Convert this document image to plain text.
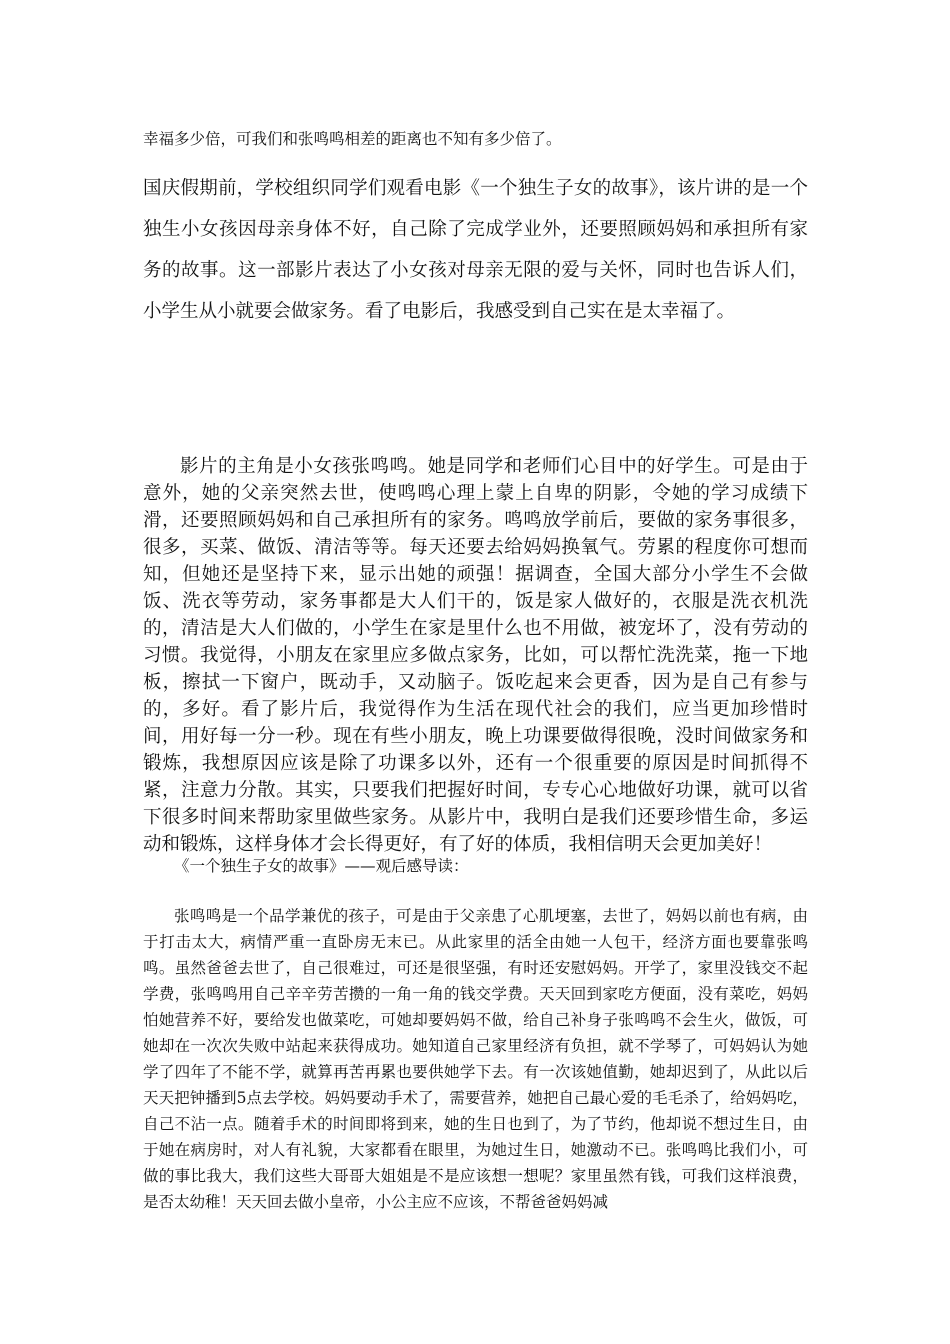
幸福多少倍，可我们和张鸣鸣相差的距离也不知有多少倍了。

国庆假期前，学校组织同学们观看电影《一个独生子女的故事》，该片讲的是一个独生小女孩因母亲身体不好，自己除了完成学业外，还要照顾妈妈和承担所有家务的故事。这一部影片表达了小女孩对母亲无限的爱与关怀，同时也告诉人们，小学生从小就要会做家务。看了电影后，我感受到自己实在是太幸福了。

影片的主角是小女孩张鸣鸣。她是同学和老师们心目中的好学生。可是由于意外，她的父亲突然去世，使鸣鸣心理上蒙上自卑的阴影，令她的学习成绩下滑，还要照顾妈妈和自己承担所有的家务。鸣鸣放学前后，要做的家务事很多，很多，买菜、做饭、清洁等等。每天还要去给妈妈换氧气。劳累的程度你可想而知，但她还是坚持下来，显示出她的顽强！据调查，全国大部分小学生不会做饭、洗衣等劳动，家务事都是大人们干的，饭是家人做好的，衣服是洗衣机洗的，清洁是大人们做的，小学生在家是里什么也不用做，被宠坏了，没有劳动的习惯。我觉得，小朋友在家里应多做点家务，比如，可以帮忙洗洗菜，拖一下地板，擦拭一下窗户，既动手，又动脑子。饭吃起来会更香，因为是自己有参与的，多好。看了影片后，我觉得作为生活在现代社会的我们，应当更加珍惜时间，用好每一分一秒。现在有些小朋友，晚上功课要做得很晚，没时间做家务和锻炼，我想原因应该是除了功课多以外，还有一个很重要的原因是时间抓得不紧，注意力分散。其实，只要我们把握好时间，专专心心地做好功课，就可以省下很多时间来帮助家里做些家务。从影片中，我明白是我们还要珍惜生命，多运动和锻炼，这样身体才会长得更好，有了好的体质，我相信明天会更加美好！

《一个独生子女的故事》——观后感导读：

张鸣鸣是一个品学兼优的孩子，可是由于父亲患了心肌埂塞，去世了，妈妈以前也有病，由于打击太大，病情严重一直卧房无末已。从此家里的活全由她一人包干，经济方面也要靠张鸣鸣。虽然爸爸去世了，自己很难过，可还是很坚强，有时还安慰妈妈。开学了，家里没钱交不起学费，张鸣鸣用自己辛辛劳苦攒的一角一角的钱交学费。天天回到家吃方便面，没有菜吃，妈妈怕她营养不好，要给发也做菜吃，可她却要妈妈不做，给自己补身子张鸣鸣不会生火，做饭，可她却在一次次失败中站起来获得成功。她知道自己家里经济有负担，就不学琴了，可妈妈认为她学了四年了不能不学，就算再苦再累也要供她学下去。有一次该她值勤，她却迟到了，从此以后天天把钟播到5点去学校。妈妈要动手术了，需要营养，她把自己最心爱的毛毛杀了，给妈妈吃，自己不沾一点。随着手术的时间即将到来，她的生日也到了，为了节约，他却说不想过生日，由于她在病房时，对人有礼貌，大家都看在眼里，为她过生日，她激动不已。张鸣鸣比我们小，可做的事比我大，我们这些大哥哥大姐姐是不是应该想一想呢？家里虽然有钱，可我们这样浪费，是否太幼稚！天天回去做小皇帝，小公主应不应该，不帮爸爸妈妈减
